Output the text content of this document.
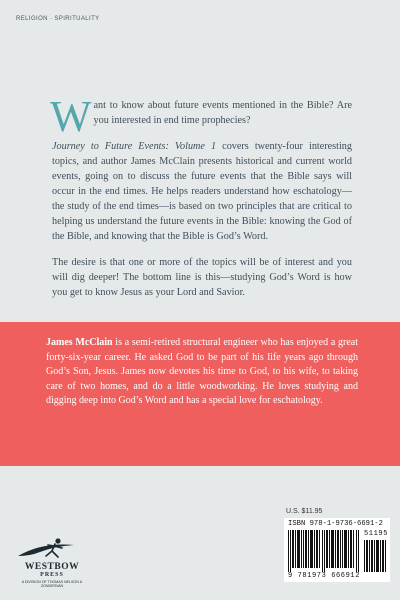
RELIGION · SPIRITUALITY

Want to know about future events mentioned in the Bible? Are you interested in end time prophecies?

Journey to Future Events: Volume 1 covers twenty-four interesting topics, and author James McClain presents historical and current world events, going on to discuss the future events that the Bible says will occur in the end times. He helps readers understand how eschatology—the study of the end times—is based on two principles that are critical to helping us understand the future events in the Bible: knowing the God of the Bible, and knowing that the Bible is God’s Word.

The desire is that one or more of the topics will be of interest and you will dig deeper! The bottom line is this—studying God’s Word is how you get to know Jesus as your Lord and Savior.

James McClain is a semi-retired structural engineer who has enjoyed a great forty-six-year career. He asked God to be part of his life years ago through God’s Son, Jesus. James now devotes his time to God, to his wife, to taking care of two homes, and do a little woodworking. He loves studying and digging deep into God’s Word and has a special love for eschatology.
U.S. $11.95
ISBN 978-1-9736-6691-2
51195
9 781973 666912
WESTBOW
PRESS
A DIVISION OF THOMAS NELSON & ZONDERVAN
